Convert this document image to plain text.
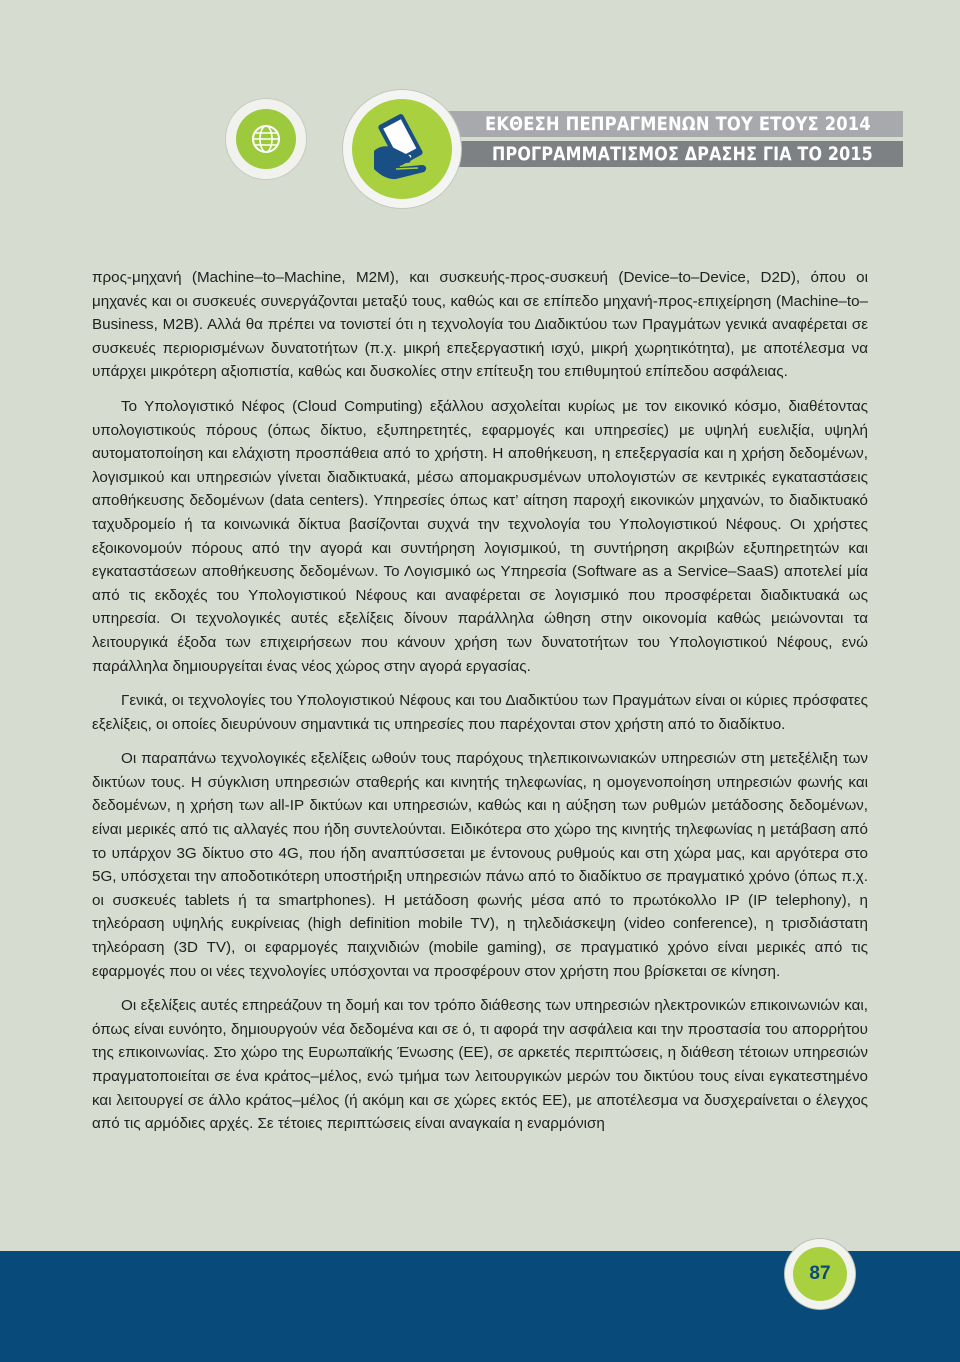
ΕΚΘΕΣΗ ΠΕΠΡΑΓΜΕΝΩΝ ΤΟΥ ΕΤΟΥΣ 2014
ΠΡΟΓΡΑΜΜΑΤΙΣΜΟΣ ΔΡΑΣΗΣ ΓΙΑ ΤΟ 2015

προς-μηχανή (Machine–to–Machine, M2M), και συσκευής-προς-συσκευή (Device–to–Device, D2D), όπου οι μηχανές και οι συσκευές συνεργάζονται μεταξύ τους, καθώς και σε επίπεδο μηχανή-προς-επιχείρηση (Machine–to–Business, M2B). Αλλά θα πρέπει να τονιστεί ότι η τεχνολογία του Διαδικτύου των Πραγμάτων γενικά αναφέρεται σε συσκευές περιορισμένων δυνατοτήτων (π.χ. μικρή επεξεργαστική ισχύ, μικρή χωρητικότητα), με αποτέλεσμα να υπάρχει μικρότερη αξιοπιστία, καθώς και δυσκολίες στην επίτευξη του επιθυμητού επίπεδου ασφάλειας.

Το Υπολογιστικό Νέφος (Cloud Computing) εξάλλου ασχολείται κυρίως με τον εικονικό κόσμο, διαθέτοντας υπολογιστικούς πόρους (όπως δίκτυο, εξυπηρετητές, εφαρμογές και υπηρεσίες) με υψηλή ευελιξία, υψηλή αυτοματοποίηση και ελάχιστη προσπάθεια από το χρήστη. Η αποθήκευση, η επεξεργασία και η χρήση δεδομένων, λογισμικού και υπηρεσιών γίνεται διαδικτυακά, μέσω απομακρυσμένων υπολογιστών σε κεντρικές εγκαταστάσεις αποθήκευσης δεδομένων (data centers). Υπηρεσίες όπως κατ’ αίτηση παροχή εικονικών μηχανών, το διαδικτυακό ταχυδρομείο ή τα κοινωνικά δίκτυα βασίζονται συχνά την τεχνολογία του Υπολογιστικού Νέφους. Οι χρήστες εξοικονομούν πόρους από την αγορά και συντήρηση λογισμικού, τη συντήρηση ακριβών εξυπηρετητών και εγκαταστάσεων αποθήκευσης δεδομένων. Το Λογισμικό ως Υπηρεσία (Software as a Service–SaaS) αποτελεί μία από τις εκδοχές του Υπολογιστικού Νέφους και αναφέρεται σε λογισμικό που προσφέρεται διαδικτυακά ως υπηρεσία. Οι τεχνολογικές αυτές εξελίξεις δίνουν παράλληλα ώθηση στην οικονομία καθώς μειώνονται τα λειτουργικά έξοδα των επιχειρήσεων που κάνουν χρήση των δυνατοτήτων του Υπολογιστικού Νέφους, ενώ παράλληλα δημιουργείται ένας νέος χώρος στην αγορά εργασίας.

Γενικά, οι τεχνολογίες του Υπολογιστικού Νέφους και του Διαδικτύου των Πραγμάτων είναι οι κύριες πρόσφατες εξελίξεις, οι οποίες διευρύνουν σημαντικά τις υπηρεσίες που παρέχονται στον χρήστη από το διαδίκτυο.

Οι παραπάνω τεχνολογικές εξελίξεις ωθούν τους παρόχους τηλεπικοινωνιακών υπηρεσιών στη μετεξέλιξη των δικτύων τους. Η σύγκλιση υπηρεσιών σταθερής και κινητής τηλεφωνίας, η ομογενοποίηση υπηρεσιών φωνής και δεδομένων, η χρήση των all-IP δικτύων και υπηρεσιών, καθώς και η αύξηση των ρυθμών μετάδοσης δεδομένων, είναι μερικές από τις αλλαγές που ήδη συντελούνται. Ειδικότερα στο χώρο της κινητής τηλεφωνίας η μετάβαση από το υπάρχον 3G δίκτυο στο 4G, που ήδη αναπτύσσεται με έντονους ρυθμούς και στη χώρα μας, και αργότερα στο 5G, υπόσχεται την αποδοτικότερη υποστήριξη υπηρεσιών πάνω από το διαδίκτυο σε πραγματικό χρόνο (όπως π.χ. οι συσκευές tablets ή τα smartphones). Η μετάδοση φωνής μέσα από το πρωτόκολλο IP (IP telephony), η τηλεόραση υψηλής ευκρίνειας (high definition mobile TV), η τηλεδιάσκεψη (video conference), η τρισδιάστατη τηλεόραση (3D TV), οι εφαρμογές παιχνιδιών (mobile gaming), σε πραγματικό χρόνο είναι μερικές από τις εφαρμογές που οι νέες τεχνολογίες υπόσχονται να προσφέρουν στον χρήστη που βρίσκεται σε κίνηση.

Οι εξελίξεις αυτές επηρεάζουν τη δομή και τον τρόπο διάθεσης των υπηρεσιών ηλεκτρονικών επικοινωνιών και, όπως είναι ευνόητο, δημιουργούν νέα δεδομένα και σε ό, τι αφορά την ασφάλεια και την προστασία του απορρήτου της επικοινωνίας. Στο χώρο της Ευρωπαϊκής Ένωσης (ΕΕ), σε αρκετές περιπτώσεις, η διάθεση τέτοιων υπηρεσιών πραγματοποιείται σε ένα κράτος–μέλος, ενώ τμήμα των λειτουργικών μερών του δικτύου τους είναι εγκατεστημένο και λειτουργεί σε άλλο κράτος–μέλος (ή ακόμη και σε χώρες εκτός ΕΕ), με αποτέλεσμα να δυσχεραίνεται ο έλεγχος από τις αρμόδιες αρχές. Σε τέτοιες περιπτώσεις είναι αναγκαία η εναρμόνιση

87
